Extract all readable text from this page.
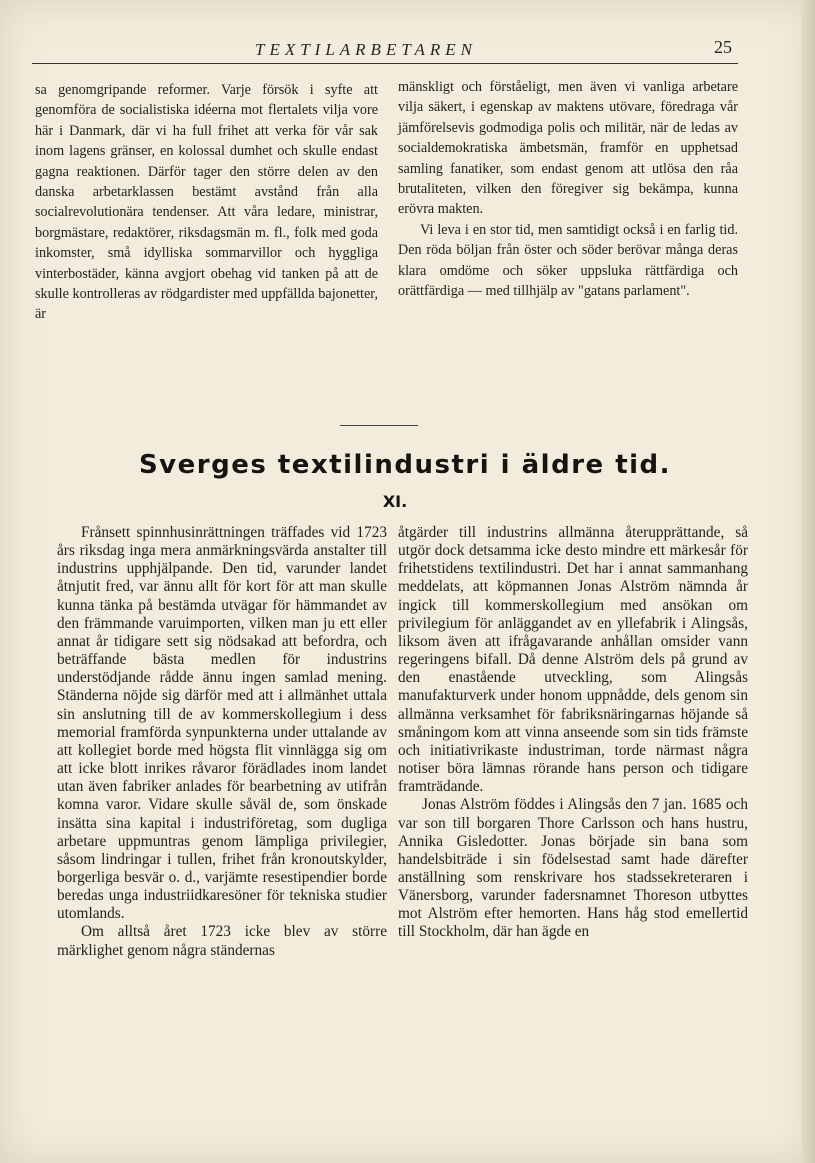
TEXTILARBETAREN	25

sa genomgripande reformer. Varje försök i syfte att genomföra de socialistiska idéerna mot flertalets vilja vore här i Danmark, där vi ha full frihet att verka för vår sak inom lagens gränser, en kolossal dumhet och skulle endast gagna reaktionen. Därför tager den större delen av den danska arbetarklassen bestämt avstånd från alla socialrevolutionära tendenser. Att våra ledare, ministrar, borgmästare, redaktörer, riksdagsmän m. fl., folk med goda inkomster, små idylliska sommarvillor och hyggliga vinterbostäder, känna avgjort obehag vid tanken på att de skulle kontrolleras av rödgardister med uppfällda bajonetter, är

mänskligt och förståeligt, men även vi vanliga arbetare vilja säkert, i egenskap av maktens utövare, föredraga vår jämförelsevis godmodiga polis och militär, när de ledas av socialdemokratiska ämbetsmän, framför en upphetsad samling fanatiker, som endast genom att utlösa den råa brutaliteten, vilken den föregiver sig bekämpa, kunna erövra makten.

Vi leva i en stor tid, men samtidigt också i en farlig tid. Den röda böljan från öster och söder berövar många deras klara omdöme och söker uppsluka rättfärdiga och orättfärdiga — med tillhjälp av "gatans parlament".

Sverges textilindustri i äldre tid.
XI.

Frånsett spinnhusinrättningen träffades vid 1723 års riksdag inga mera anmärkningsvärda anstalter till industrins upphjälpande. Den tid, varunder landet åtnjutit fred, var ännu allt för kort för att man skulle kunna tänka på bestämda utvägar för hämmandet av den främmande varuimporten, vilken man ju ett eller annat år tidigare sett sig nödsakad att befordra, och beträffande bästa medlen för industrins understödjande rådde ännu ingen samlad mening. Ständerna nöjde sig därför med att i allmänhet uttala sin anslutning till de av kommerskollegium i dess memorial framförda synpunkterna under uttalande av att kollegiet borde med högsta flit vinnlägga sig om att icke blott inrikes råvaror förädlades inom landet utan även fabriker anlades för bearbetning av utifrån komna varor. Vidare skulle såväl de, som önskade insätta sina kapital i industriföretag, som dugliga arbetare uppmuntras genom lämpliga privilegier, såsom lindringar i tullen, frihet från kronoutskylder, borgerliga besvär o. d., varjämte resestipendier borde beredas unga industriidkaresöner för tekniska studier utomlands.

Om alltså året 1723 icke blev av större märklighet genom några ständernas

åtgärder till industrins allmänna återupprättande, så utgör dock detsamma icke desto mindre ett märkesår för frihetstidens textilindustri. Det har i annat sammanhang meddelats, att köpmannen Jonas Alström nämnda år ingick till kommerskollegium med ansökan om privilegium för anläggandet av en yllefabrik i Alingsås, liksom även att ifrågavarande anhållan omsider vann regeringens bifall. Då denne Alström dels på grund av den enastående utveckling, som Alingsås manufakturverk under honom uppnådde, dels genom sin allmänna verksamhet för fabriksnäringarnas höjande så småningom kom att vinna anseende som sin tids främste och initiativrikaste industriman, torde närmast några notiser böra lämnas rörande hans person och tidigare framträdande.

Jonas Alström föddes i Alingsås den 7 jan. 1685 och var son till borgaren Thore Carlsson och hans hustru, Annika Gisledotter. Jonas började sin bana som handelsbiträde i sin födelsestad samt hade därefter anställning som renskrivare hos stadssekreteraren i Vänersborg, varunder fadersnamnet Thoreson utbyttes mot Alström efter hemorten. Hans håg stod emellertid till Stockholm, där han ägde en
